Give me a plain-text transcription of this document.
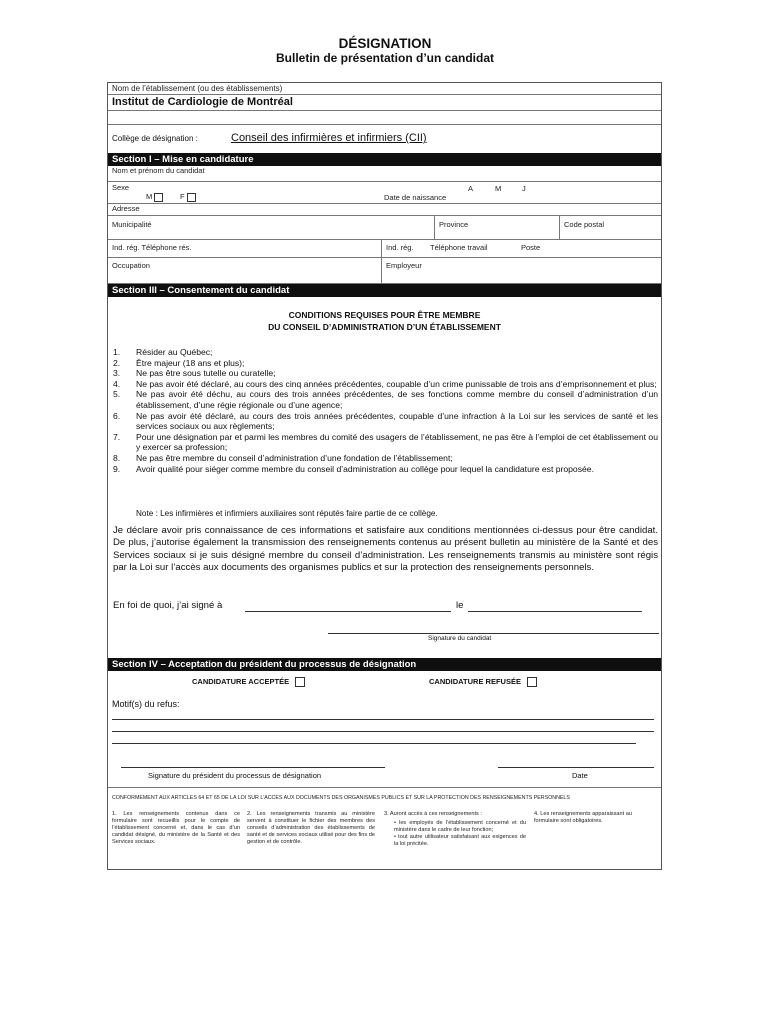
DÉSIGNATION
Bulletin de présentation d’un candidat
Nom de l’établissement (ou des établissements)
Institut de Cardiologie de Montréal
Collège de désignation :	Conseil des infirmières et infirmiers (CII)
Section I – Mise en candidature
Nom et prénom du candidat
Sexe
M	F	Date de naissance
A	M	J
Adresse
Municipalité	Province	Code postal
Ind. rég. Téléphone rés.	Ind. rég. Téléphone travail	Poste
Occupation	Employeur
Section III – Consentement du candidat
CONDITIONS REQUISES POUR ÊTRE MEMBRE
DU CONSEIL D’ADMINISTRATION D’UN ÉTABLISSEMENT
1. Résider au Québec;
2. Être majeur (18 ans et plus);
3. Ne pas être sous tutelle ou curatelle;
4. Ne pas avoir été déclaré, au cours des cinq années précédentes, coupable d’un crime punissable de trois ans d’emprisonnement et plus;
5. Ne pas avoir été déchu, au cours des trois années précédentes, de ses fonctions comme membre du conseil d’administration d’un établissement, d’une régie régionale ou d’une agence;
6. Ne pas avoir été déclaré, au cours des trois années précédentes, coupable d’une infraction à la Loi sur les services de santé et les services sociaux ou aux règlements;
7. Pour une désignation par et parmi les membres du comité des usagers de l’établissement, ne pas être à l’emploi de cet établissement ou y exercer sa profession;
8. Ne pas être membre du conseil d’administration d’une fondation de l’établissement;
9. Avoir qualité pour siéger comme membre du conseil d’administration au collège pour lequel la candidature est proposée.
Note : Les infirmières et infirmiers auxiliaires sont réputés faire partie de ce collège.
Je déclare avoir pris connaissance de ces informations et satisfaire aux conditions mentionnées ci-dessus pour être candidat. De plus, j’autorise également la transmission des renseignements contenus au présent bulletin au ministère de la Santé et des Services sociaux si je suis désigné membre du conseil d’administration. Les renseignements transmis au ministère sont régis par la Loi sur l’accès aux documents des organismes publics et sur la protection des renseignements personnels.
En foi de quoi, j’ai signé à	le
Signature du candidat
Section IV – Acceptation du président du processus de désignation
CANDIDATURE ACCEPTÉE	CANDIDATURE REFUSÉE
Motif(s) du refus:
Signature du président du processus de désignation	Date
CONFORMÉMENT AUX ARTICLES 64 ET 65 DE LA LOI SUR L’ACCÈS AUX DOCUMENTS DES ORGANISMES PUBLICS ET SUR LA PROTECTION DES RENSEIGNEMENTS PERSONNELS
1. Les renseignements contenus dans ce formulaire sont recueillis pour le compte de l’établissement concerné et, dans le cas d’un candidat désigné, du ministère de la Santé et des Services sociaux.
2. Les renseignements transmis au ministère servent à constituer le fichier des membres des conseils d’administration des établissements de santé et de services sociaux utilisé pour des fins de gestion et de contrôle.
3. Auront accès à ces renseignements :
• les employés de l’établissement concerné et du ministère dans le cadre de leur fonction;
• tout autre utilisateur satisfaisant aux exigences de la loi précitée.
4. Les renseignements apparaissant au formulaire sont obligatoires.
